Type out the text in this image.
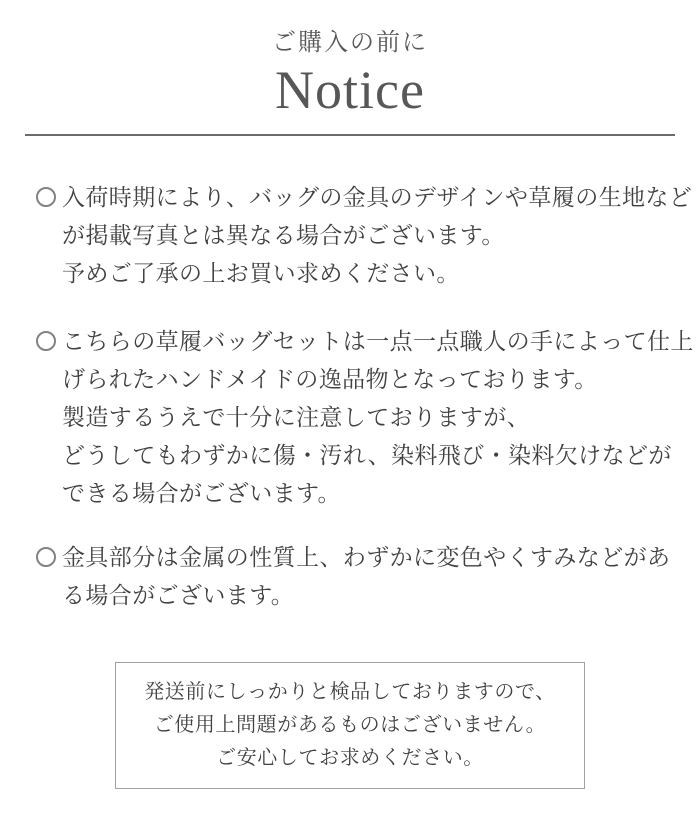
ご購入の前に
Notice
入荷時期により、バッグの金具のデザインや草履の生地など
が掲載写真とは異なる場合がございます。
予めご了承の上お買い求めください。
こちらの草履バッグセットは一点一点職人の手によって仕上
げられたハンドメイドの逸品物となっております。
製造するうえで十分に注意しておりますが、
どうしてもわずかに傷・汚れ、染料飛び・染料欠けなどが
できる場合がございます。
金具部分は金属の性質上、わずかに変色やくすみなどがあ
る場合がございます。
発送前にしっかりと検品しておりますので、
ご使用上問題があるものはございません。
ご安心してお求めください。
